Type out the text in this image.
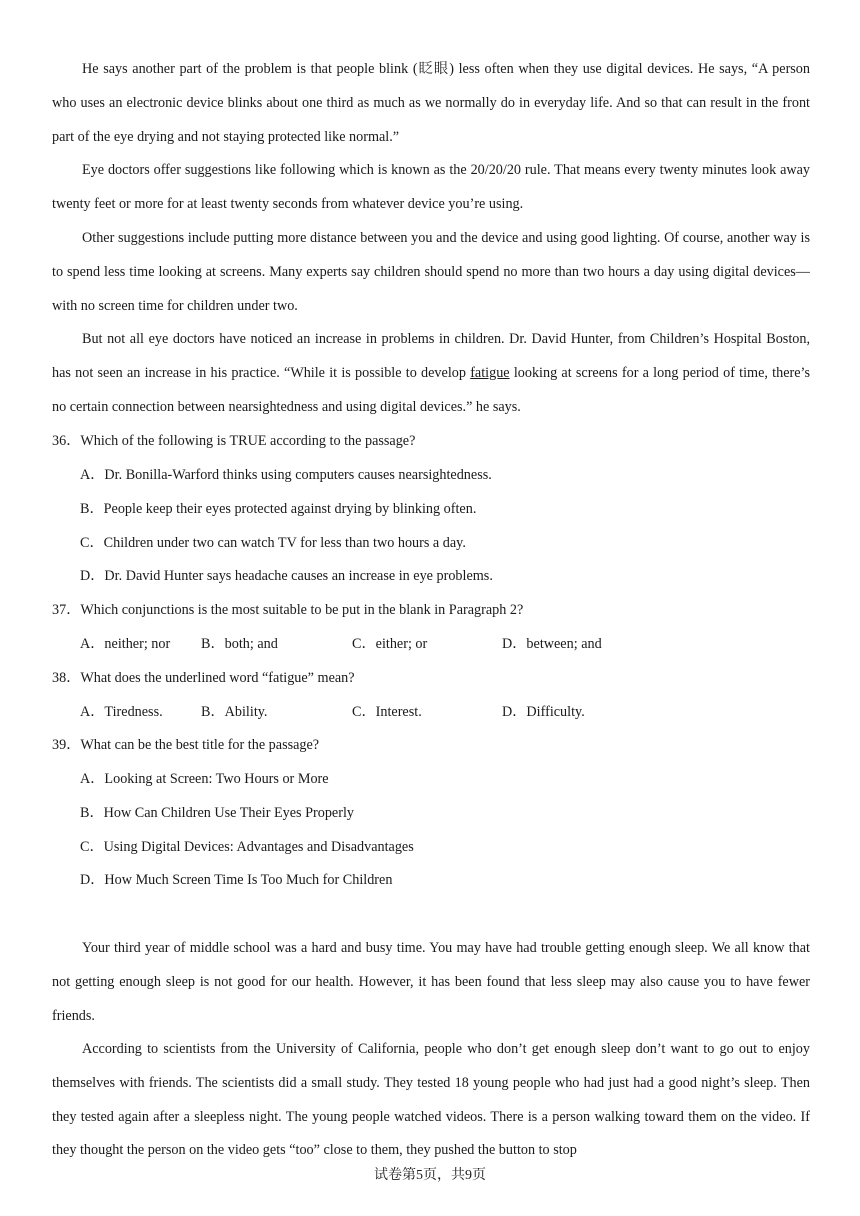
He says another part of the problem is that people blink (眨眼) less often when they use digital devices. He says, “A person who uses an electronic device blinks about one third as much as we normally do in everyday life. And so that can result in the front part of the eye drying and not staying protected like normal.”

Eye doctors offer suggestions like following which is known as the 20/20/20 rule. That means every twenty minutes look away twenty feet or more for at least twenty seconds from whatever device you’re using.

Other suggestions include putting more distance between you and the device and using good lighting. Of course, another way is to spend less time looking at screens. Many experts say children should spend no more than two hours a day using digital devices—with no screen time for children under two.

But not all eye doctors have noticed an increase in problems in children. Dr. David Hunter, from Children’s Hospital Boston, has not seen an increase in his practice. “While it is possible to develop fatigue looking at screens for a long period of time, there’s no certain connection between nearsightedness and using digital devices.” he says.

36．Which of the following is TRUE according to the passage?

A．Dr. Bonilla-Warford thinks using computers causes nearsightedness.

B．People keep their eyes protected against drying by blinking often.

C．Children under two can watch TV for less than two hours a day.

D．Dr. David Hunter says headache causes an increase in eye problems.

37．Which conjunctions is the most suitable to be put in the blank in Paragraph 2?

A．neither; nor B．both; and	C．either; or	D．between; and

38．What does the underlined word “fatigue” mean?

A．Tiredness.	B．Ability.	C．Interest.	D．Difficulty.

39．What can be the best title for the passage?

A．Looking at Screen: Two Hours or More

B．How Can Children Use Their Eyes Properly

C．Using Digital Devices: Advantages and Disadvantages

D．How Much Screen Time Is Too Much for Children

Your third year of middle school was a hard and busy time. You may have had trouble getting enough sleep. We all know that not getting enough sleep is not good for our health. However, it has been found that less sleep may also cause you to have fewer friends.

According to scientists from the University of California, people who don’t get enough sleep don’t want to go out to enjoy themselves with friends. The scientists did a small study. They tested 18 young people who had just had a good night’s sleep. Then they tested again after a sleepless night. The young people watched videos. There is a person walking toward them on the video. If they thought the person on the video gets “too” close to them, they pushed the button to stop

试卷第5页，共9页
